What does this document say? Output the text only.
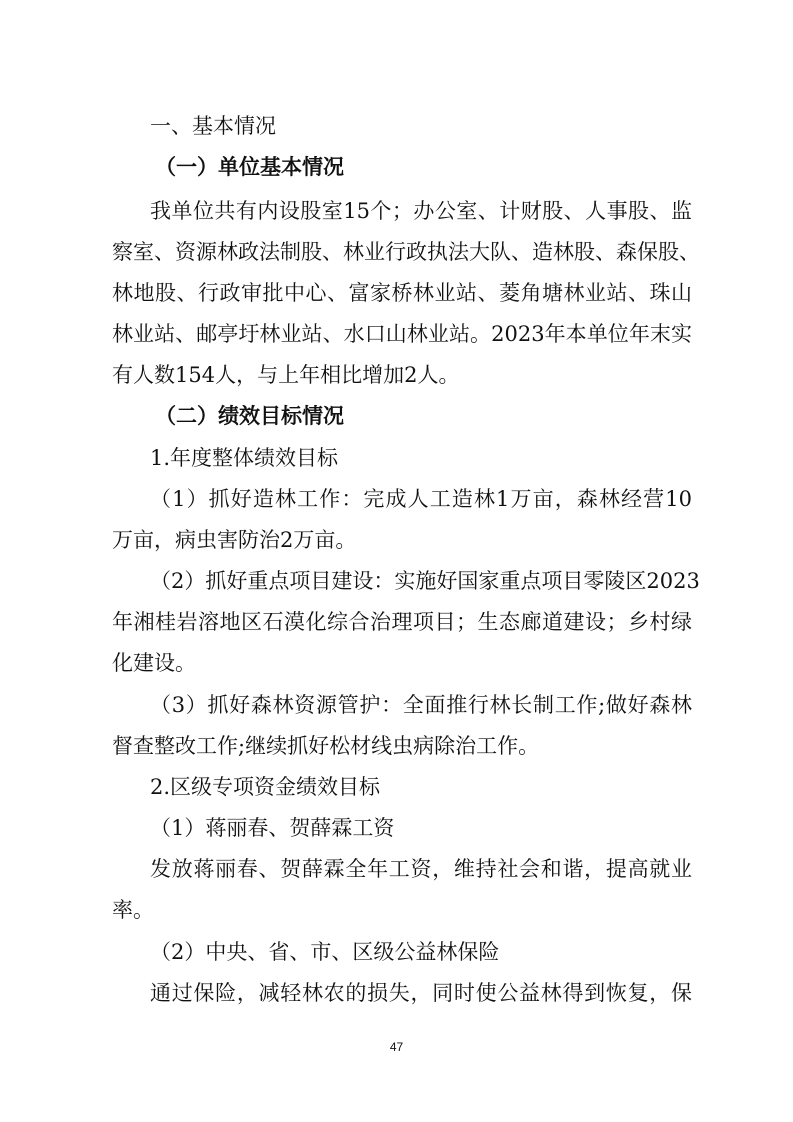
一、基本情况
（一）单位基本情况
我单位共有内设股室15个；办公室、计财股、人事股、监
察室、资源林政法制股、林业行政执法大队、造林股、森保股、
林地股、行政审批中心、富家桥林业站、菱角塘林业站、珠山
林业站、邮亭圩林业站、水口山林业站。2023年本单位年末实
有人数154人，与上年相比增加2人。
（二）绩效目标情况
1.年度整体绩效目标
（1）抓好造林工作：完成人工造林1万亩，森林经营10
万亩，病虫害防治2万亩。
（2）抓好重点项目建设：实施好国家重点项目零陵区2023
年湘桂岩溶地区石漠化综合治理项目；生态廊道建设；乡村绿
化建设。
（3）抓好森林资源管护：全面推行林长制工作;做好森林
督查整改工作;继续抓好松材线虫病除治工作。
2.区级专项资金绩效目标
（1）蒋丽春、贺薛霖工资
发放蒋丽春、贺薛霖全年工资，维持社会和谐，提高就业
率。
（2）中央、省、市、区级公益林保险
通过保险，减轻林农的损失，同时使公益林得到恢复，保
47
